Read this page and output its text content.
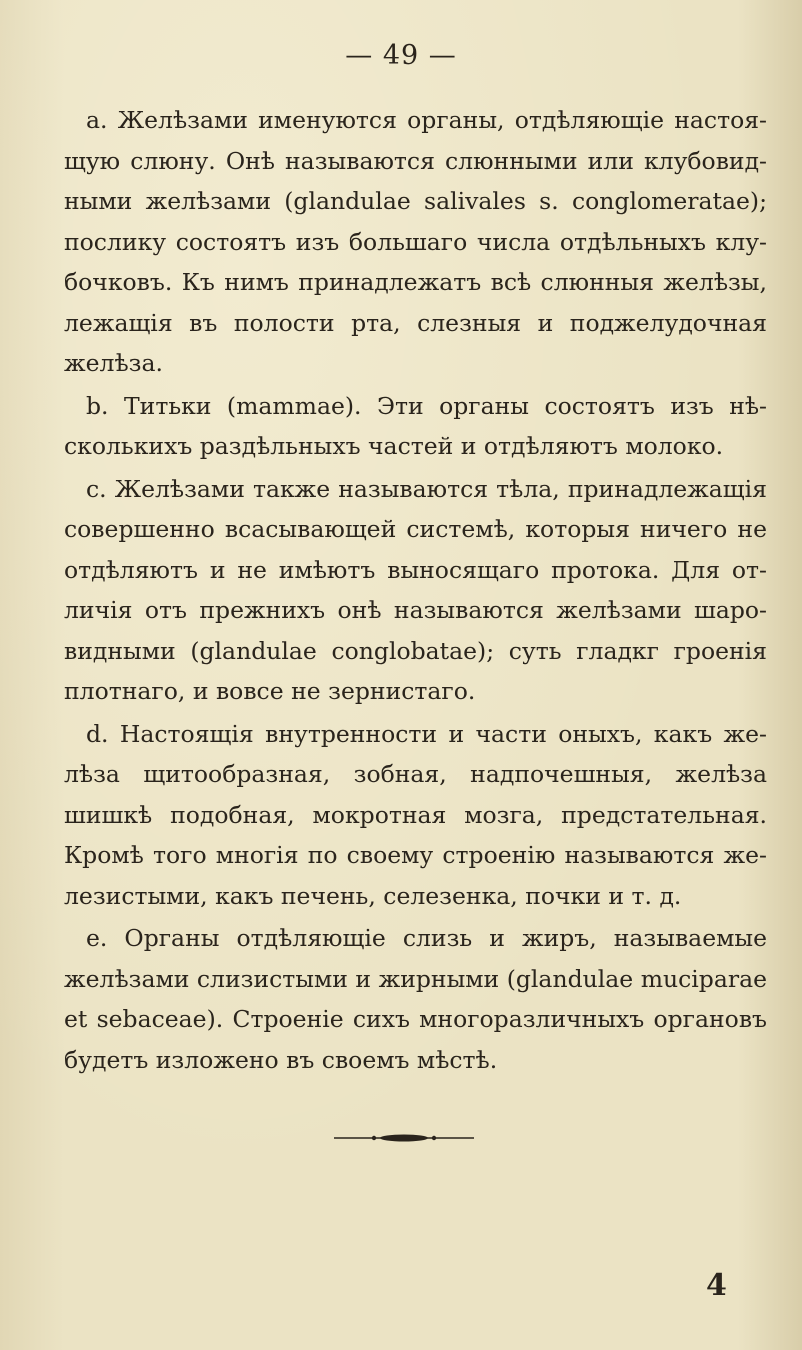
— 49 —

a. Желѣзами именуются органы, отдѣляющіе настоя-
щую слюну. Онѣ называются слюнными или клубовид-
ными желѣзами (glandulae salivales s. conglomeratae);
послику состоятъ изъ большаго числа отдѣльныхъ клу-
бочковъ. Къ нимъ принадлежатъ всѣ слюнныя желѣзы,
лежащія въ полости рта, слезныя и поджелудочная
желѣза.

b. Титьки (mammae). Эти органы состоятъ изъ нѣ-
сколькихъ раздѣльныхъ частей и отдѣляютъ молоко.

c. Желѣзами также называются тѣла, принадлежащія
совершенно всасывающей системѣ, которыя ничего не
отдѣляютъ и не имѣютъ выносящаго протока. Для от-
личія отъ прежнихъ онѣ называются желѣзами шаро-
видными (glandulae conglobatae); суть гладкг гроенія
плотнаго, и вовсе не зернистаго.

d. Настоящія внутренности и части оныхъ, какъ же-
лѣза щитообразная, зобная, надпочешныя, желѣза
шишкѣ подобная, мокротная мозга, предстательная.
Кромѣ того многія по своему строенію называются же-
лезистыми, какъ печень, селезенка, почки и т. д.

e. Органы отдѣляющіе слизь и жиръ, называемые
желѣзами слизистыми и жирными (glandulae muciparae
et sebaceae). Строеніе сихъ многоразличныхъ органовъ
будетъ изложено въ своемъ мѣстѣ.

4
